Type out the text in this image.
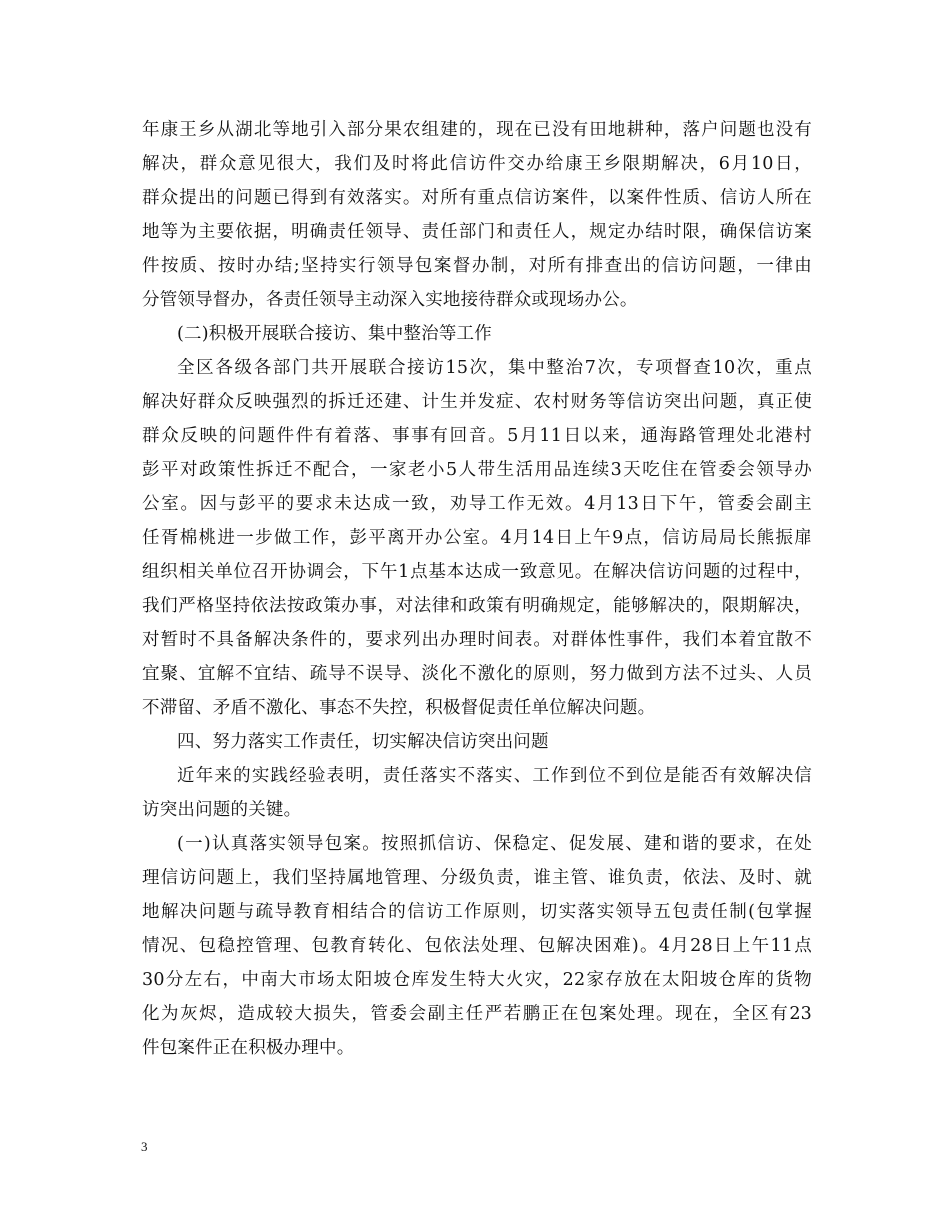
年康王乡从湖北等地引入部分果农组建的，现在已没有田地耕种，落户问题也没有
解决，群众意见很大，我们及时将此信访件交办给康王乡限期解决，6月10日，
群众提出的问题已得到有效落实。对所有重点信访案件，以案件性质、信访人所在
地等为主要依据，明确责任领导、责任部门和责任人，规定办结时限，确保信访案
件按质、按时办结;坚持实行领导包案督办制，对所有排查出的信访问题，一律由
分管领导督办，各责任领导主动深入实地接待群众或现场办公。
(二)积极开展联合接访、集中整治等工作
全区各级各部门共开展联合接访15次，集中整治7次，专项督查10次，重点
解决好群众反映强烈的拆迁还建、计生并发症、农村财务等信访突出问题，真正使
群众反映的问题件件有着落、事事有回音。5月11日以来，通海路管理处北港村
彭平对政策性拆迁不配合，一家老小5人带生活用品连续3天吃住在管委会领导办
公室。因与彭平的要求未达成一致，劝导工作无效。4月13日下午，管委会副主
任胥棉桃进一步做工作，彭平离开办公室。4月14日上午9点，信访局局长熊振扉
组织相关单位召开协调会，下午1点基本达成一致意见。在解决信访问题的过程中，
我们严格坚持依法按政策办事，对法律和政策有明确规定，能够解决的，限期解决，
对暂时不具备解决条件的，要求列出办理时间表。对群体性事件，我们本着宜散不
宜聚、宜解不宜结、疏导不误导、淡化不激化的原则，努力做到方法不过头、人员
不滞留、矛盾不激化、事态不失控，积极督促责任单位解决问题。
四、努力落实工作责任，切实解决信访突出问题
近年来的实践经验表明，责任落实不落实、工作到位不到位是能否有效解决信
访突出问题的关键。
(一)认真落实领导包案。按照抓信访、保稳定、促发展、建和谐的要求，在处
理信访问题上，我们坚持属地管理、分级负责，谁主管、谁负责，依法、及时、就
地解决问题与疏导教育相结合的信访工作原则，切实落实领导五包责任制(包掌握
情况、包稳控管理、包教育转化、包依法处理、包解决困难)。4月28日上午11点
30分左右，中南大市场太阳坡仓库发生特大火灾，22家存放在太阳坡仓库的货物
化为灰烬，造成较大损失，管委会副主任严若鹏正在包案处理。现在，全区有23
件包案件正在积极办理中。
3
